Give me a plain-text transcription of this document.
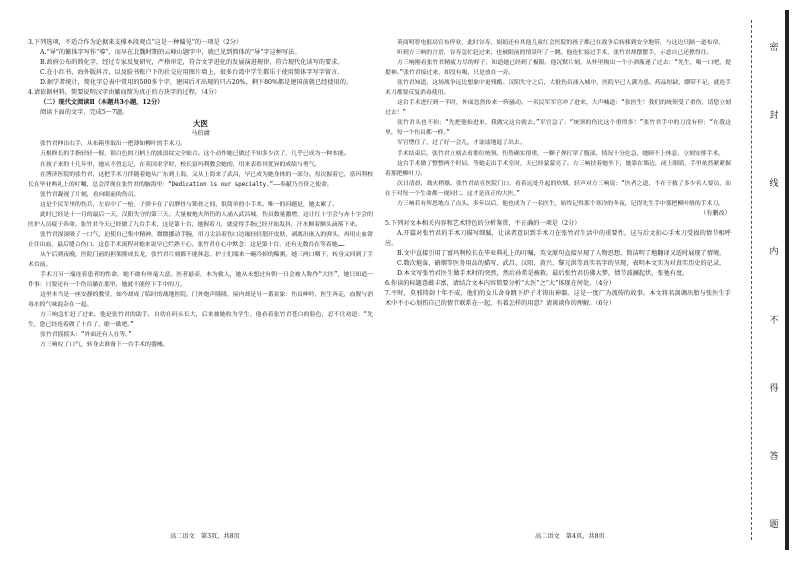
3.下列选项，不适合作为论据来支撑本段观点“这是一种偏见”的一项是（2分）

A.“导”的繁体字写作“導”，而早在北魏时期的云峰山题字中，就已见到简体的“导”字这种写法。

B.政府公布的简化字，经过专家反复研究，严格审定，符合文字进化的发展演进规律，符合现代化读写的要求。

C.在小红书、海外版抖音，以及脸书账户下的社交应用图片墙上，很多台湾中学生都乐于使用简体字写字留言。

D.据学者统计，简化字总表中常用的500多个字，建国后才出现的只占20%，剩下80%都是建国前就已经使用的。

4.请依据材料，简要说明汉字由繁而简为真正的方块字的过程。（4分）

（二）现代文阅读Ⅱ（本题共3小题，12分）

阅读下面的文字，完成5～7题。

大医

马伯庸

张竹君伸出右手，从布箱里取出一把薄如柳叶的手术刀。

五根修长的手指轻轻一握，银白色的刀柄上的波浪纹完全贴合。这个动作她已做过不知多少次了，几乎已成为一种本能。

在孩子来的十几年里，她从不曾忘记，在英国求学时，校长富玛利教会她的，用来表彰其优异的成绩与勇气。

在博济医院的张竹君，这把手术刀伴随着她从广东到上海，又从上海来了武昌，早已成为她身体的一部分。每次握着它，富玛利校长在毕业典礼上的叮嘱，总会浮现在张竹君的脑海里：“Dedication is our specialty.”——奉献乃吾侪之使命。

张竹君凝视了片刻，看向眼前的伤员。

这是个民军里的伤兵，左肩中了一枪，子弹卡在了肩胛骨与锁骨之间，很简单的小手术。唯一的问题是，她太累了。

此时已经是十一月的最后一天，汉阳失守的第三天。大量被炮火所伤的人涌入武昌城，伤员数量激增，这让红十字会与赤十字会的医护人员疲于奔命。张竹君今天已经做了九台手术，这是第十台，她握着刀，就觉得手指已经开始发抖，汗水顺着额头滴落下来。

张竹君深深吸了一口气，迫使自己集中精神，微微挪动手腕，用刀尖沿着伤口边缘轻轻划开皮肤，剥离出嵌入的弹头，再用止血钳止住出血，最后缝合伤口。这套手术流程对她来说早已烂熟于心，张竹君在心中默念：这是第十台，还有无数台在等着她……

从午后到夜晚，医院门前的担架排成长龙，张竹君片刻都不能休息。护士们端来一碗冷掉的稀粥，她三两口咽下，转身又回到了手术台前。

手术刀另一端连着患者的性命，她不敢有丝毫大意。医者悬壶，本为救人，她从未想过有朝一日会被人称作“大医”，她只知道一件事：只要还有一个伤员躺在那里，她就不能停下手中的刀。

这里本当是一座安静的教堂，如今却成了临时的战地医院。门外炮声隆隆，屋内却是另一番景象：伤员呻吟，医生奔走，血腥与消毒水的气味混杂在一起。

方三响急忙赶了过来，他是张竹君的助手，自幼在码头长大，后来被她收为学生。他看着张竹君苍白的脸色，忍不住劝道：“先生，您已经连着做了十台了，歇一歇吧。”

张竹君摇摇头：“外面还有人在等。”

方三响叹了口气，转身去准备下一台手术的器械。

英商明智电报局宣布停业，此时谷寿、娟娟还有其他儿童红会医院的孩子都已在战争后转移到安全地带，与这边只隔一道布帘。

听到方三响的言语，谷寿急忙赶过来，也被眼前的情景吓了一跳。他连忙接过手术，张竹君却摆摆手，示意自己还撑得住。

方三响刚看张竹君精疲力尽的样子，知道她已经到了极限。他沉默片刻，从怀里掏出一个小酒瓶递了过去：“先生，喝一口吧，提提神。”张竹君接过来，却没有喝，只是放在一旁。

张竹君知道，这场战争远比想象中更残酷。汉阳失守之后，大批伤员涌入城中，医院早已人满为患。药品短缺，绷带不足，就连手术刀都要反复消毒使用。

这台手术进行到一半时，外面忽然传来一阵骚动。一名民军军官冲了进来，大声喊道：“张医生！我们的统领受了重伤，请您立刻过去！”

张竹君头也不抬：“先把他抬进来，我做完这台就去。”军官急了：“统领的伤比这个重得多！”张竹君手中的刀没有停：“在我这里，每一个伤员都一样。”

军官愣住了，过了好一会儿，才讪讪地退了出去。

手术结束后，张竹君立刻去看那位统领。伤势确实很重，一颗子弹打穿了腹部，情况十分危急。她顾不上休息，立刻安排手术。

这台手术做了整整两个时辰。等她走出手术室时，天已经蒙蒙亮了。方三响扶着她坐下，她靠在墙边，闭上眼睛，手里依然紧紧握着那把柳叶刀。

次日清晨，战火稍歇。张竹君站在医院门口，看着远处升起的炊烟，轻声对方三响说：“医者之道，不在于救了多少名人要员，而在于对每一个生命都一视同仁。这才是真正的大医。”

方三响若有所思地点了点头。多年以后，他也成为了一名医生，始终记得那个寒冷的冬夜，记得先生手中那把柳叶般的手术刀。

（有删改）

5.下列对文本相关内容和艺术特色的分析鉴赏，不正确的一项是（2分）

A.开篇对张竹君的手术刀描写细腻，让读者意识到手术刀在张竹君生活中的重要性，这与后文扣心手术刀受损的情节相呼应。

B.文中直接引用了富玛利校长在毕业典礼上的叮嘱，英文原句直接呈现了人物思想，简洁明了地翻译又适时展现了情境。

C.数次炮轰、硝烟等医务用品的描写，武昌、汉阳、黄兴、黎元洪等真实名字的呈现，表明本文实为对真实历史的记录。

D.本文写张竹君医生做手术时的突然，然后孙希是被救，最后张竹君仿佛大梦，情节波澜起伏，张弛有度。

6.你读的标题意蕴丰富，请结合文本内容简要分析“大医”之“大”体现在何处。（4分）

7.平时，莫邪铸剑十年不成，他们的女儿舍身跳下炉子才铸出神器。这是一度广为流传的故事。本文将名剑调出胎与张医生手术中不小心划伤自己的情节联系在一起，有着怎样的用意？请谈谈你的理解。（6分）

高二语文　第3页，共8页	高二语文　第4页，共8页
密
封
线
内
不
得
答
题
